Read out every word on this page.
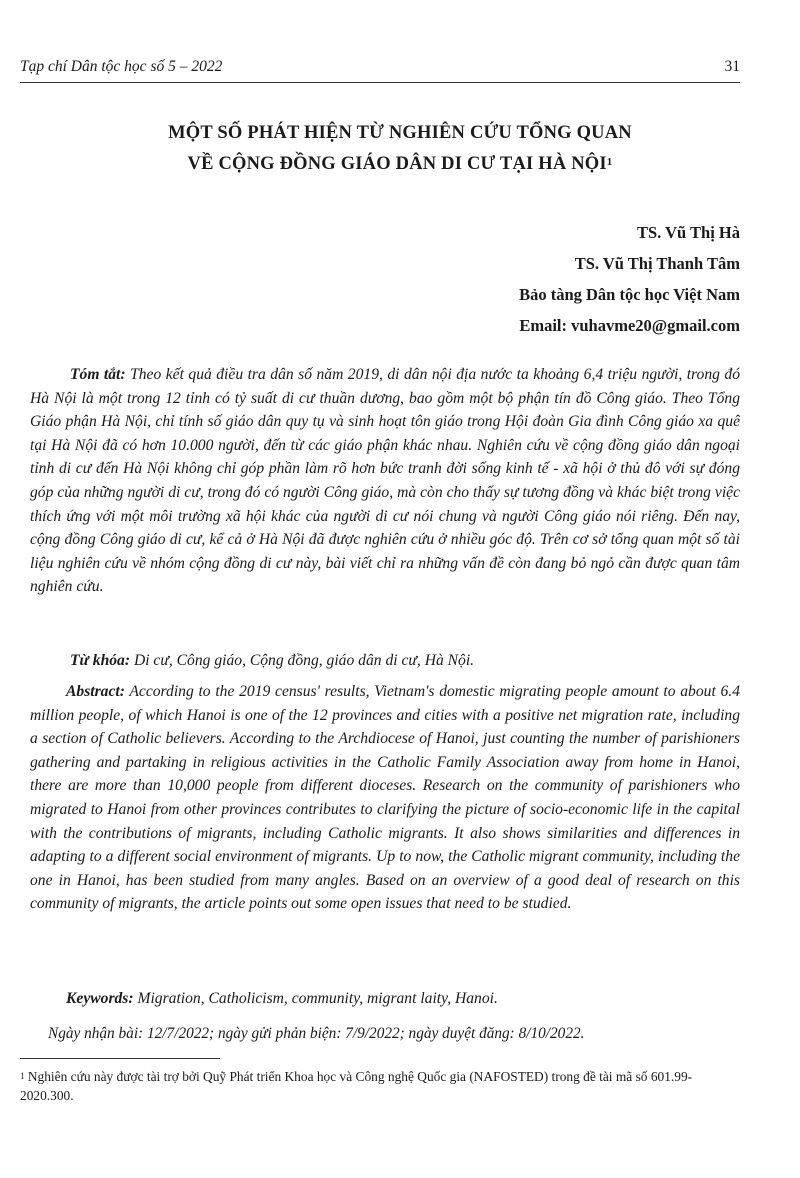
Tạp chí Dân tộc học số 5 – 2022	31
MỘT SỐ PHÁT HIỆN TỪ NGHIÊN CỨU TỔNG QUAN
VỀ CỘNG ĐỒNG GIÁO DÂN DI CƯ TẠI HÀ NỘI$^1$
TS. Vũ Thị Hà
TS. Vũ Thị Thanh Tâm
Bảo tàng Dân tộc học Việt Nam
Email: vuhavme20@gmail.com
Tóm tắt: Theo kết quả điều tra dân số năm 2019, di dân nội địa nước ta khoảng 6,4 triệu người, trong đó Hà Nội là một trong 12 tỉnh có tỷ suất di cư thuần dương, bao gồm một bộ phận tín đồ Công giáo. Theo Tổng Giáo phận Hà Nội, chỉ tính số giáo dân quy tụ và sinh hoạt tôn giáo trong Hội đoàn Gia đình Công giáo xa quê tại Hà Nội đã có hơn 10.000 người, đến từ các giáo phận khác nhau. Nghiên cứu về cộng đồng giáo dân ngoại tỉnh di cư đến Hà Nội không chỉ góp phần làm rõ hơn bức tranh đời sống kinh tế - xã hội ở thủ đô với sự đóng góp của những người di cư, trong đó có người Công giáo, mà còn cho thấy sự tương đồng và khác biệt trong việc thích ứng với một môi trường xã hội khác của người di cư nói chung và người Công giáo nói riêng. Đến nay, cộng đồng Công giáo di cư, kể cả ở Hà Nội đã được nghiên cứu ở nhiều góc độ. Trên cơ sở tổng quan một số tài liệu nghiên cứu về nhóm cộng đồng di cư này, bài viết chỉ ra những vấn đề còn đang bỏ ngỏ cần được quan tâm nghiên cứu.
Từ khóa: Di cư, Công giáo, Cộng đồng, giáo dân di cư, Hà Nội.
Abstract: According to the 2019 census' results, Vietnam's domestic migrating people amount to about 6.4 million people, of which Hanoi is one of the 12 provinces and cities with a positive net migration rate, including a section of Catholic believers. According to the Archdiocese of Hanoi, just counting the number of parishioners gathering and partaking in religious activities in the Catholic Family Association away from home in Hanoi, there are more than 10,000 people from different dioceses. Research on the community of parishioners who migrated to Hanoi from other provinces contributes to clarifying the picture of socio-economic life in the capital with the contributions of migrants, including Catholic migrants. It also shows similarities and differences in adapting to a different social environment of migrants. Up to now, the Catholic migrant community, including the one in Hanoi, has been studied from many angles. Based on an overview of a good deal of research on this community of migrants, the article points out some open issues that need to be studied.
Keywords: Migration, Catholicism, community, migrant laity, Hanoi.
Ngày nhận bài: 12/7/2022; ngày gửi phản biện: 7/9/2022; ngày duyệt đăng: 8/10/2022.
$^1$ Nghiên cứu này được tài trợ bởi Quỹ Phát triển Khoa học và Công nghệ Quốc gia (NAFOSTED) trong đề tài mã số 601.99-2020.300.
